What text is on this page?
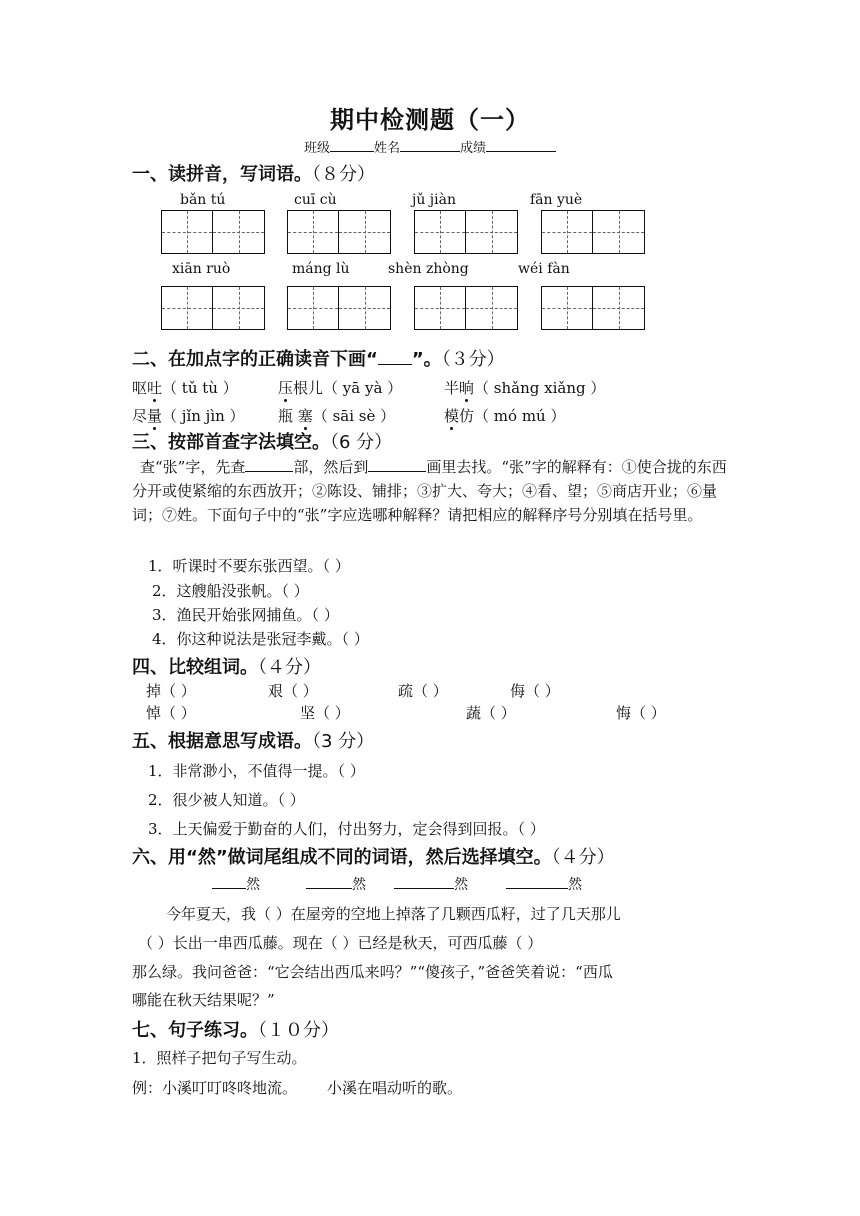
期中检测题（一）
班级	姓名	成绩
一、读拼音，写词语。（８分）
bǎn tú	cuī cù	jǔ jiàn	fān yuè
xiān ruò	máng lù	shèn zhòng	wéi fàn
二、在加点字的正确读音下画“ ”。（３分）
呕吐（ tǔ tù ）	压根儿（ yā yà ）	半晌（ shǎng xiǎng ）
尽量（ jǐn jìn ） 瓶 塞（ sāi sè ）	模仿（ mó mú ）
三、按部首查字法填空。（6 分）
查“张”字，先查	部，然后到	画里去找。“张”字的解释有：①使合拢的东西分开或使紧缩的东西放开；②陈设、铺排；③扩大、夸大；④看、望；⑤商店开业；⑥量词；⑦姓。下面句子中的“张”字应选哪种解释？请把相应的解释序号分别填在括号里。
1．听课时不要东张西望。（ ）
2．这艘船没张帆。（ ）
3．渔民开始张网捕鱼。（ ）
4．你这种说法是张冠李戴。（ ）
四、比较组词。（４分）
掉（ ）	艰（ ）	疏（ ）	侮（ ）
悼（ ）	坚（ ）	蔬（ ）	悔（ ）
五、根据意思写成语。（3 分）
1．非常渺小，不值得一提。（ ）
2．很少被人知道。（ ）
3．上天偏爱于勤奋的人们，付出努力，定会得到回报。（ ）
六、用“然”做词尾组成不同的词语，然后选择填空。（４分）
然	然	然	然
今年夏天，我（ ）在屋旁的空地上掉落了几颗西瓜籽，过了几天那儿
（ ）长出一串西瓜藤。现在（ ）已经是秋天，可西瓜藤（ ）
那么绿。我问爸爸：“它会结出西瓜来吗？”“傻孩子，”爸爸笑着说：“西瓜
哪能在秋天结果呢？”
七、句子练习。（１０分）
1．照样子把句子写生动。
例：小溪叮叮咚咚地流。 小溪在唱动听的歌。
